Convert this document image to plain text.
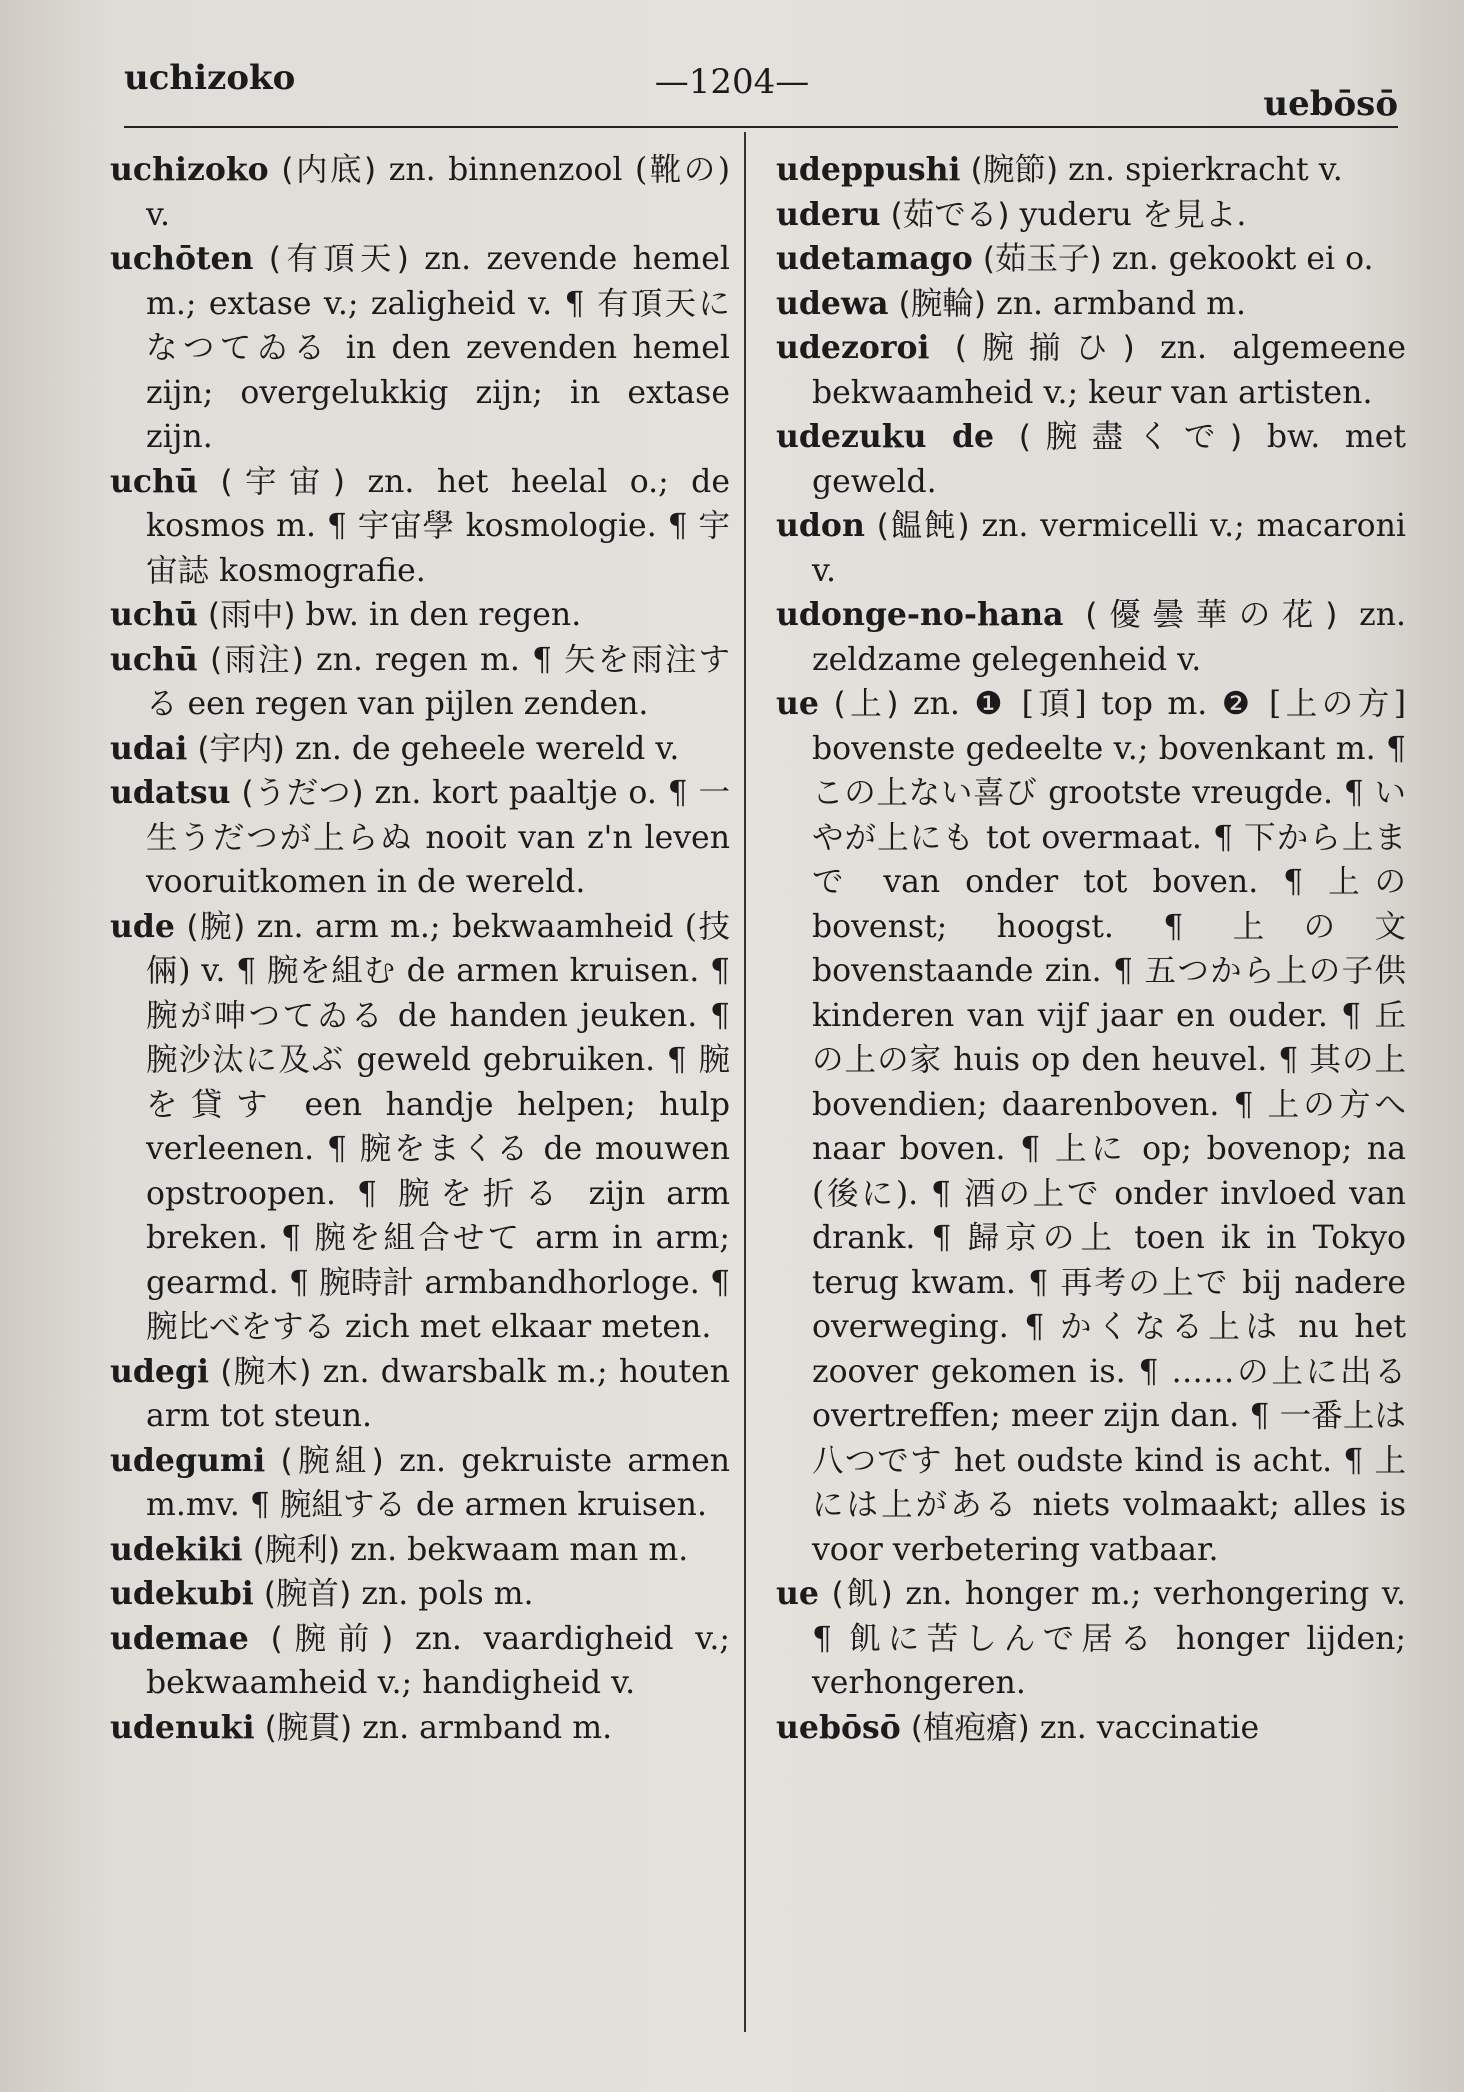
uchizoko	—1204—
uebōsō

uchizoko (内底) zn. binnenzool (靴の) v.

uchōten (有頂天) zn. zevende hemel m.; extase v.; zaligheid v. ¶ 有頂天になつてゐる in den zevenden hemel zijn; overgelukkig zijn; in extase zijn.

uchū (宇宙) zn. het heelal o.; de kosmos m. ¶ 宇宙學 kosmologie. ¶ 宇宙誌 kosmografie.

uchū (雨中) bw. in den regen.

uchū (雨注) zn. regen m. ¶ 矢を雨注する een regen van pijlen zenden.

udai (宇内) zn. de geheele wereld v.

udatsu (うだつ) zn. kort paaltje o. ¶ 一生うだつが上らぬ nooit van z'n leven vooruitkomen in de wereld.

ude (腕) zn. arm m.; bekwaamheid (技倆) v. ¶ 腕を組む de armen kruisen. ¶ 腕が呻つてゐる de handen jeuken. ¶ 腕沙汰に及ぶ geweld gebruiken. ¶ 腕を貸す een handje helpen; hulp verleenen. ¶ 腕をまくる de mouwen opstroopen. ¶ 腕を折る zijn arm breken. ¶ 腕を組合せて arm in arm; gearmd. ¶ 腕時計 armbandhorloge. ¶ 腕比べをする zich met elkaar meten.

udegi (腕木) zn. dwarsbalk m.; houten arm tot steun.

udegumi (腕組) zn. gekruiste armen m.mv. ¶ 腕組する de armen kruisen.

udekiki (腕利) zn. bekwaam man m.

udekubi (腕首) zn. pols m.

udemae (腕前) zn. vaardigheid v.; bekwaamheid v.; handigheid v.

udenuki (腕貫) zn. armband m.

udeppushi (腕節) zn. spierkracht v.

uderu (茹でる) yuderu を見よ.

udetamago (茹玉子) zn. gekookt ei o.

udewa (腕輪) zn. armband m.

udezoroi (腕揃ひ) zn. algemeene bekwaamheid v.; keur van artisten.

udezuku de (腕盡くで) bw. met geweld.

udon (饂飩) zn. vermicelli v.; macaroni v.

udonge-no-hana (優曇華の花) zn. zeldzame gelegenheid v.

ue (上) zn. ❶ [頂] top m. ❷ [上の方] bovenste gedeelte v.; bovenkant m. ¶ この上ない喜び grootste vreugde. ¶ いやが上にも tot overmaat. ¶ 下から上まで van onder tot boven. ¶ 上の bovenst; hoogst. ¶ 上の文 bovenstaande zin. ¶ 五つから上の子供 kinderen van vijf jaar en ouder. ¶ 丘の上の家 huis op den heuvel. ¶ 其の上 bovendien; daarenboven. ¶ 上の方へ naar boven. ¶ 上に op; bovenop; na (後に). ¶ 酒の上で onder invloed van drank. ¶ 歸京の上 toen ik in Tokyo terug kwam. ¶ 再考の上で bij nadere overweging. ¶ かくなる上は nu het zoover gekomen is. ¶ ……の上に出る overtreffen; meer zijn dan. ¶ 一番上は八つです het oudste kind is acht. ¶ 上には上がある niets volmaakt; alles is voor verbetering vatbaar.

ue (飢) zn. honger m.; verhongering v. ¶ 飢に苦しんで居る honger lijden; verhongeren.

uebōsō (植疱瘡) zn. vaccinatie
